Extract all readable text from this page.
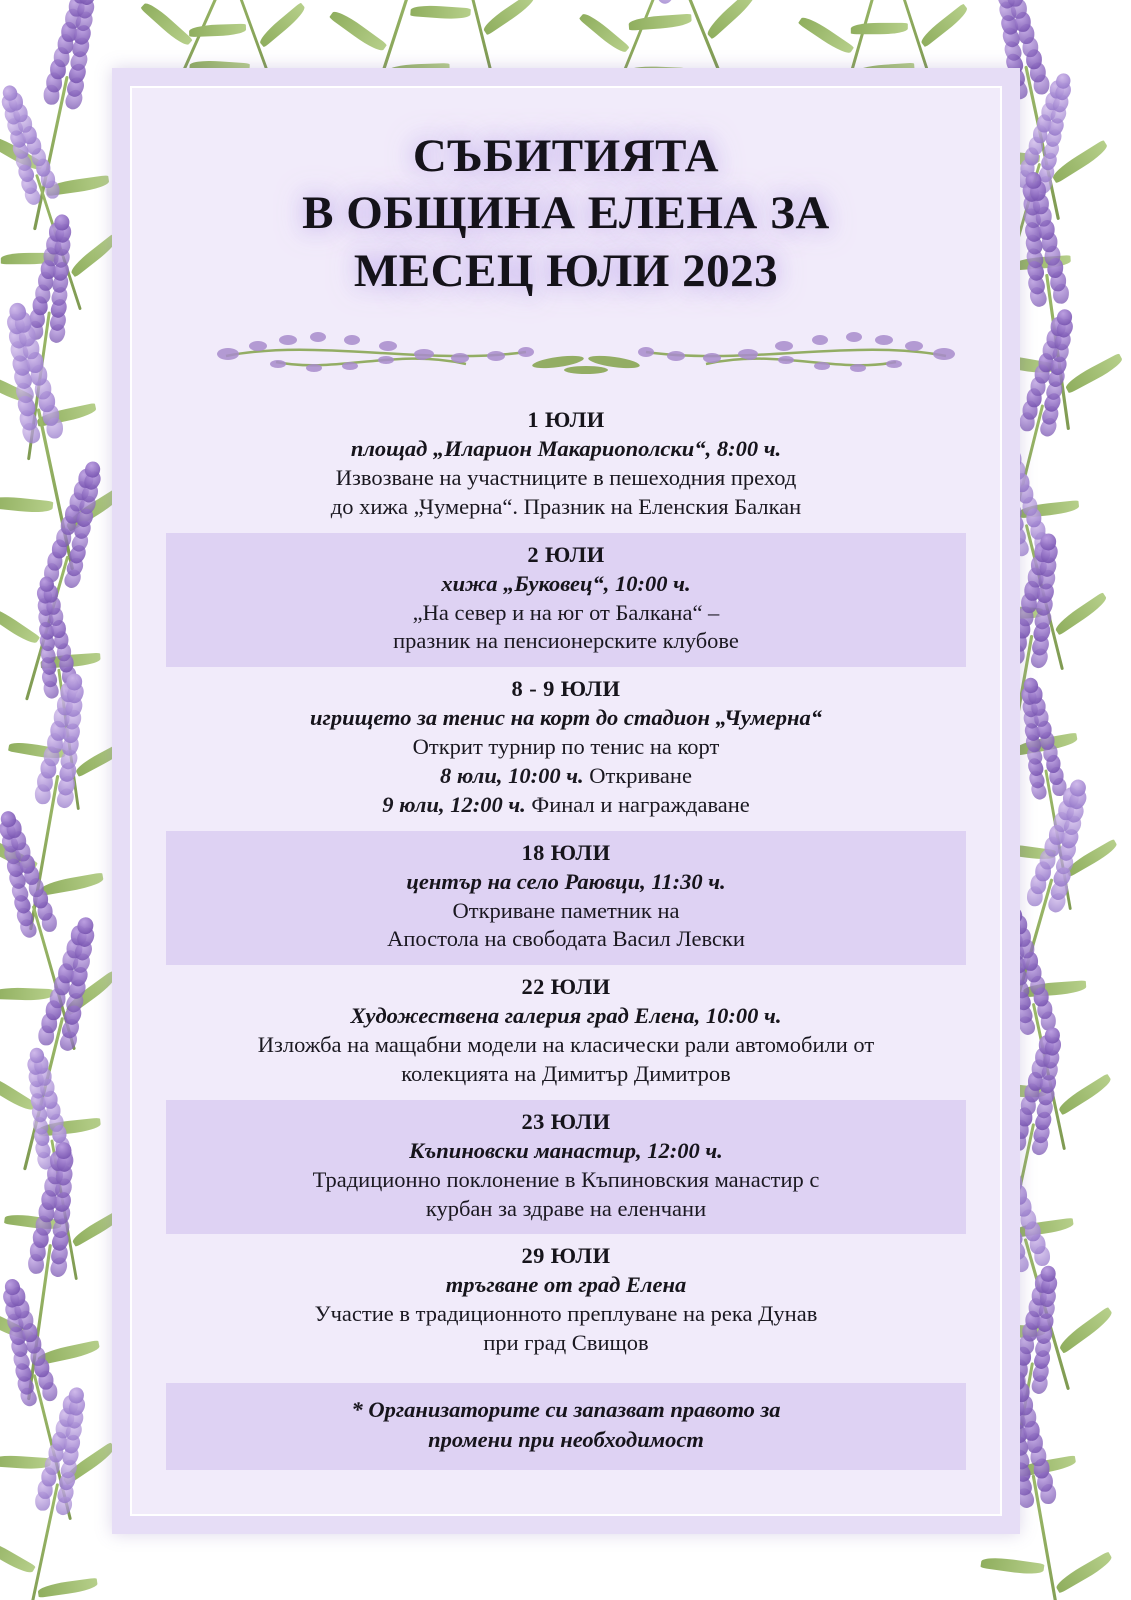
СЪБИТИЯТА
В ОБЩИНА ЕЛЕНА ЗА
МЕСЕЦ ЮЛИ 2023
1 ЮЛИ
площад „Иларион Макариополски“, 8:00 ч.
Извозване на участниците в пешеходния преход
до хижа „Чумерна“. Празник на Еленския Балкан
2 ЮЛИ
хижа „Буковец“, 10:00 ч.
„На север и на юг от Балкана“ –
празник на пенсионерските клубове
8 - 9 ЮЛИ
игрището за тенис на корт до стадион „Чумерна“
Открит турнир по тенис на корт
8 юли, 10:00 ч. Откриване
9 юли, 12:00 ч. Финал и награждаване
18 ЮЛИ
център на село Раювци, 11:30 ч.
Откриване паметник на
Апостола на свободата Васил Левски
22 ЮЛИ
Художествена галерия град Елена, 10:00 ч.
Изложба на мащабни модели на класически рали автомобили от
колекцията на Димитър Димитров
23 ЮЛИ
Къпиновски манастир, 12:00 ч.
Традиционно поклонение в Къпиновския манастир с
курбан за здраве на еленчани
29 ЮЛИ
тръгване от град Елена
Участие в традиционното преплуване на река Дунав
при град Свищов
* Организаторите си запазват правото за
промени при необходимост
